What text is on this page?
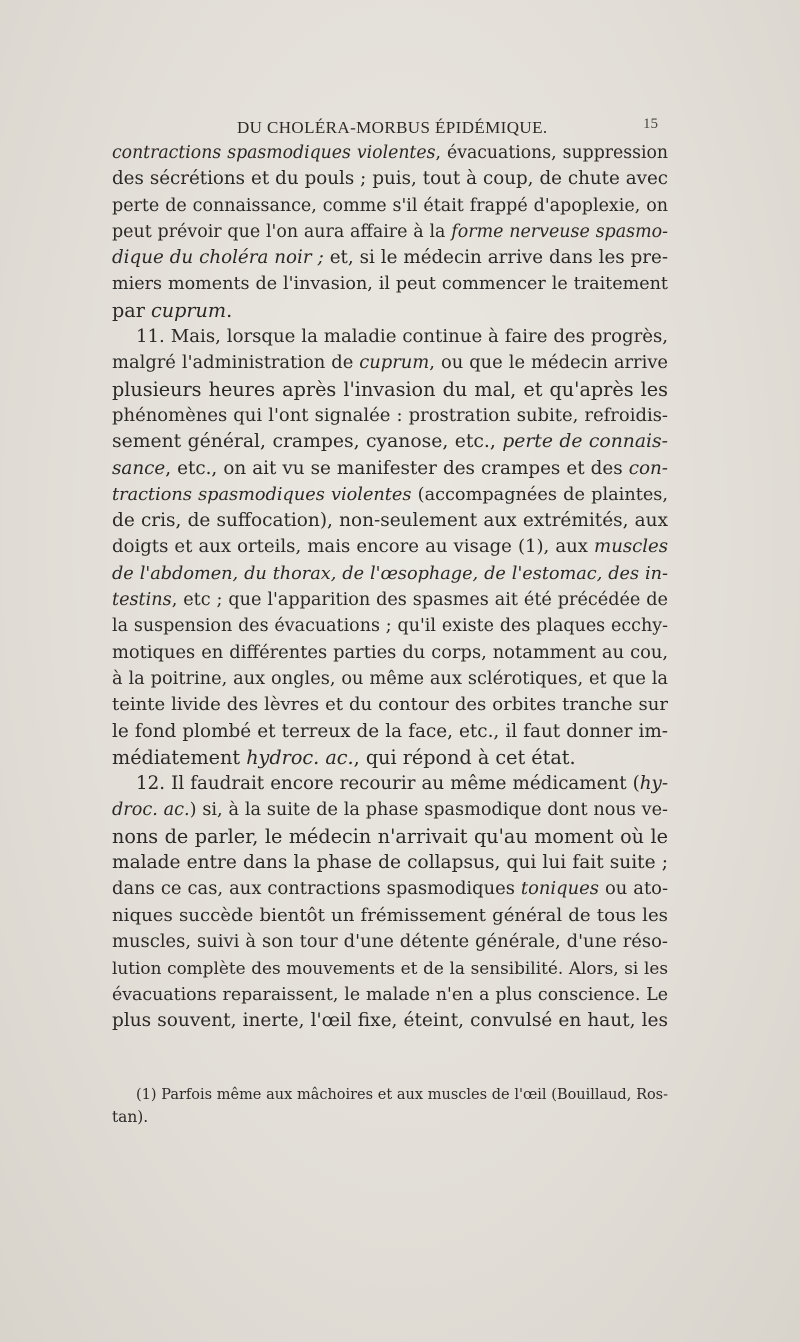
DU CHOLÉRA-MORBUS ÉPIDÉMIQUE.	15
contractions spasmodiques violentes, évacuations, suppression
des sécrétions et du pouls ; puis, tout à coup, de chute avec
perte de connaissance, comme s'il était frappé d'apoplexie, on
peut prévoir que l'on aura affaire à la forme nerveuse spasmo-
dique du choléra noir ; et, si le médecin arrive dans les pre-
miers moments de l'invasion, il peut commencer le traitement
par cuprum.
11. Mais, lorsque la maladie continue à faire des progrès,
malgré l'administration de cuprum, ou que le médecin arrive
plusieurs heures après l'invasion du mal, et qu'après les
phénomènes qui l'ont signalée : prostration subite, refroidis-
sement général, crampes, cyanose, etc., perte de connais-
sance, etc., on ait vu se manifester des crampes et des con-
tractions spasmodiques violentes (accompagnées de plaintes,
de cris, de suffocation), non-seulement aux extrémités, aux
doigts et aux orteils, mais encore au visage (1), aux muscles
de l'abdomen, du thorax, de l'œsophage, de l'estomac, des in-
testins, etc ; que l'apparition des spasmes ait été précédée de
la suspension des évacuations ; qu'il existe des plaques ecchy-
motiques en différentes parties du corps, notamment au cou,
à la poitrine, aux ongles, ou même aux sclérotiques, et que la
teinte livide des lèvres et du contour des orbites tranche sur
le fond plombé et terreux de la face, etc., il faut donner im-
médiatement hydroc. ac., qui répond à cet état.
12. Il faudrait encore recourir au même médicament (hy-
droc. ac.) si, à la suite de la phase spasmodique dont nous ve-
nons de parler, le médecin n'arrivait qu'au moment où le
malade entre dans la phase de collapsus, qui lui fait suite ;
dans ce cas, aux contractions spasmodiques toniques ou ato-
niques succède bientôt un frémissement général de tous les
muscles, suivi à son tour d'une détente générale, d'une réso-
lution complète des mouvements et de la sensibilité. Alors, si les
évacuations reparaissent, le malade n'en a plus conscience. Le
plus souvent, inerte, l'œil fixe, éteint, convulsé en haut, les
(1) Parfois même aux mâchoires et aux muscles de l'œil (Bouillaud, Ros-
tan).
